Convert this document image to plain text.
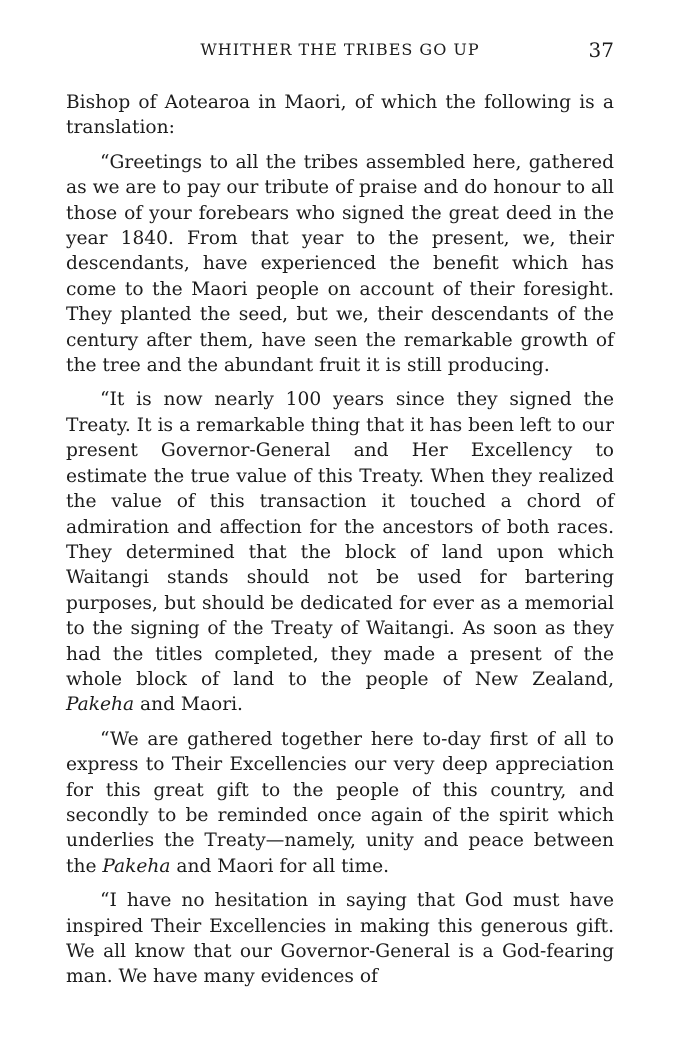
WHITHER THE TRIBES GO UP	37

Bishop of Aotearoa in Maori, of which the following is a translation:

“Greetings to all the tribes assembled here, gathered as we are to pay our tribute of praise and do honour to all those of your forebears who signed the great deed in the year 1840. From that year to the present, we, their descendants, have experienced the benefit which has come to the Maori people on account of their foresight. They planted the seed, but we, their descendants of the century after them, have seen the remarkable growth of the tree and the abundant fruit it is still producing.

“It is now nearly 100 years since they signed the Treaty. It is a remarkable thing that it has been left to our present Governor-General and Her Excellency to estimate the true value of this Treaty. When they realized the value of this transaction it touched a chord of admiration and affection for the ancestors of both races. They determined that the block of land upon which Waitangi stands should not be used for bartering purposes, but should be dedicated for ever as a memorial to the signing of the Treaty of Waitangi. As soon as they had the titles completed, they made a present of the whole block of land to the people of New Zealand, Pakeha and Maori.

“We are gathered together here to-day first of all to express to Their Excellencies our very deep appreciation for this great gift to the people of this country, and secondly to be reminded once again of the spirit which underlies the Treaty—namely, unity and peace between the Pakeha and Maori for all time.

“I have no hesitation in saying that God must have inspired Their Excellencies in making this generous gift. We all know that our Governor-General is a God-fearing man. We have many evidences of
